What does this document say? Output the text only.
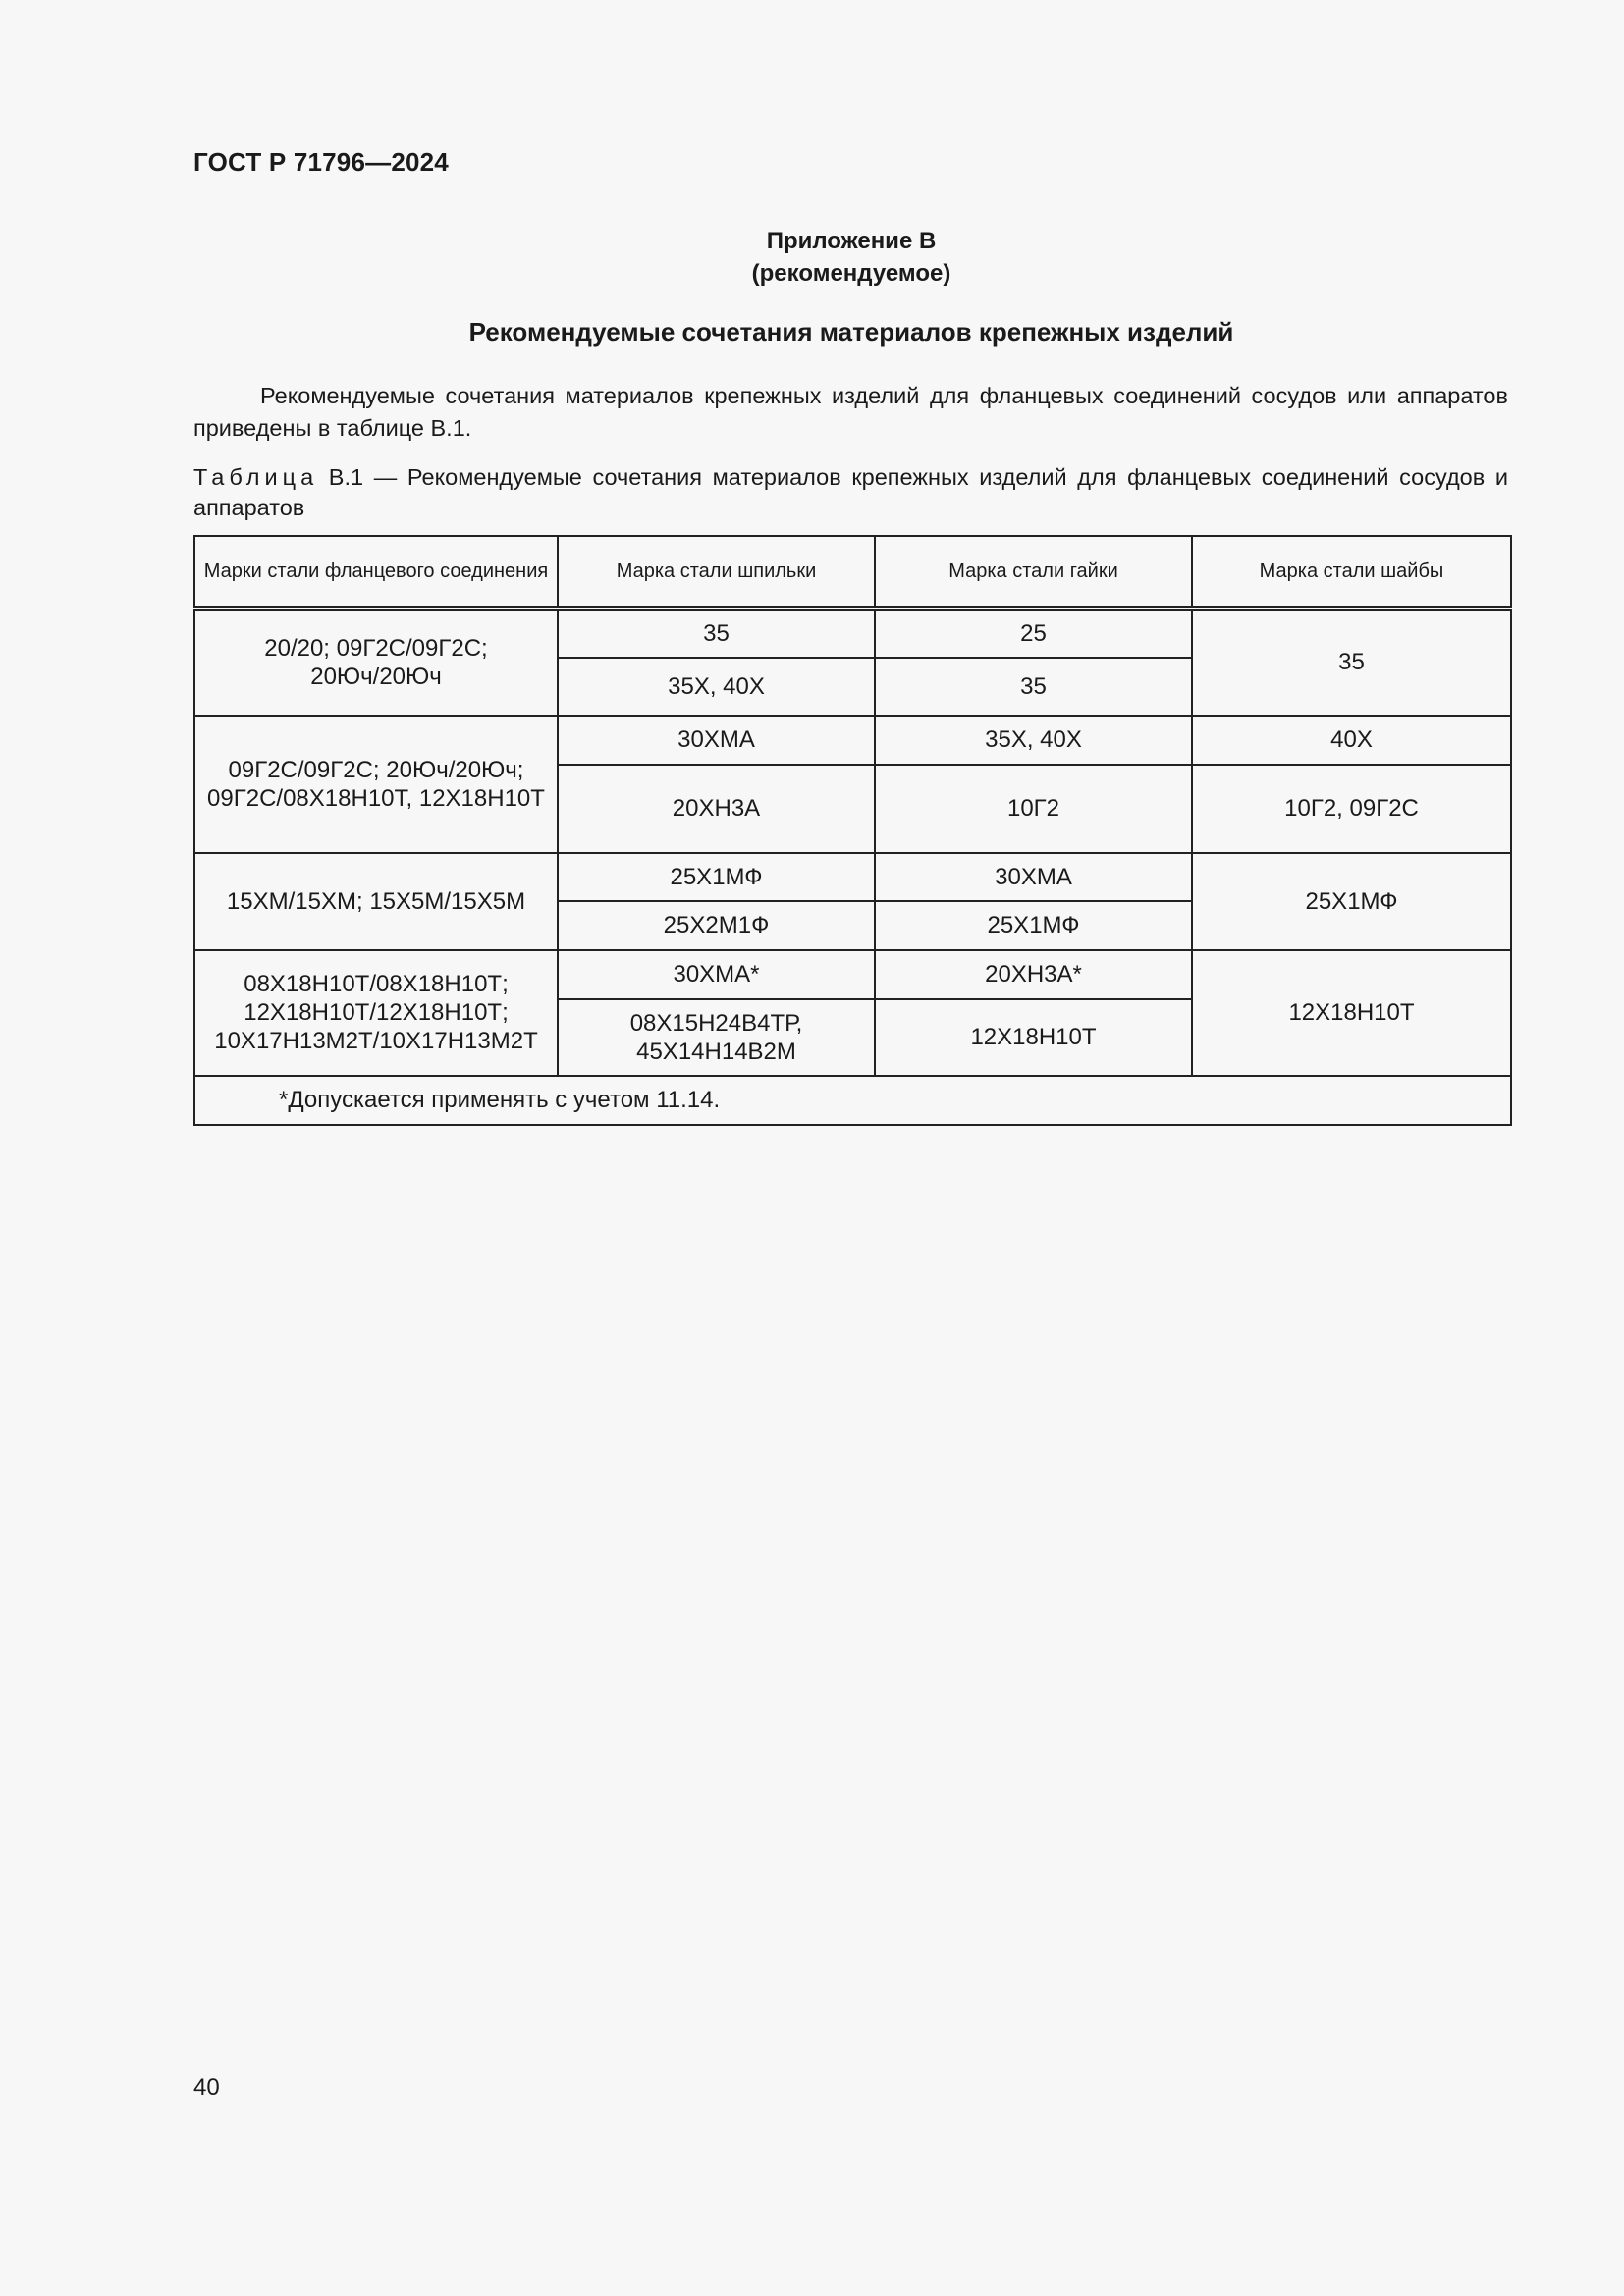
ГОСТ Р 71796—2024
Приложение В
(рекомендуемое)
Рекомендуемые сочетания материалов крепежных изделий

Рекомендуемые сочетания материалов крепежных изделий для фланцевых соединений сосудов или аппаратов приведены в таблице В.1.

Таблица В.1 — Рекомендуемые сочетания материалов крепежных изделий для фланцевых соединений сосудов и аппаратов

Марки стали фланцевого соединения	Марка стали шпильки	Марка стали гайки	Марка стали шайбы
20/20; 09Г2С/09Г2С; 20Юч/20Юч	35	25	35
	35Х, 40Х	35	
09Г2С/09Г2С; 20Юч/20Юч; 09Г2С/08Х18Н10Т, 12Х18Н10Т	30ХМА	35Х, 40Х	40Х
	20ХН3А	10Г2	10Г2, 09Г2С
15ХМ/15ХМ; 15Х5М/15Х5М	25Х1МФ	30ХМА	25Х1МФ
	25Х2М1Ф	25Х1МФ	
08Х18Н10Т/08Х18Н10Т; 12Х18Н10Т/12Х18Н10Т; 10Х17Н13М2Т/10Х17Н13М2Т	30ХМА*	20ХН3А*	12Х18Н10Т
	08Х15Н24В4ТР, 45Х14Н14В2М	12Х18Н10Т	
*Допускается применять с учетом 11.14.			
40
